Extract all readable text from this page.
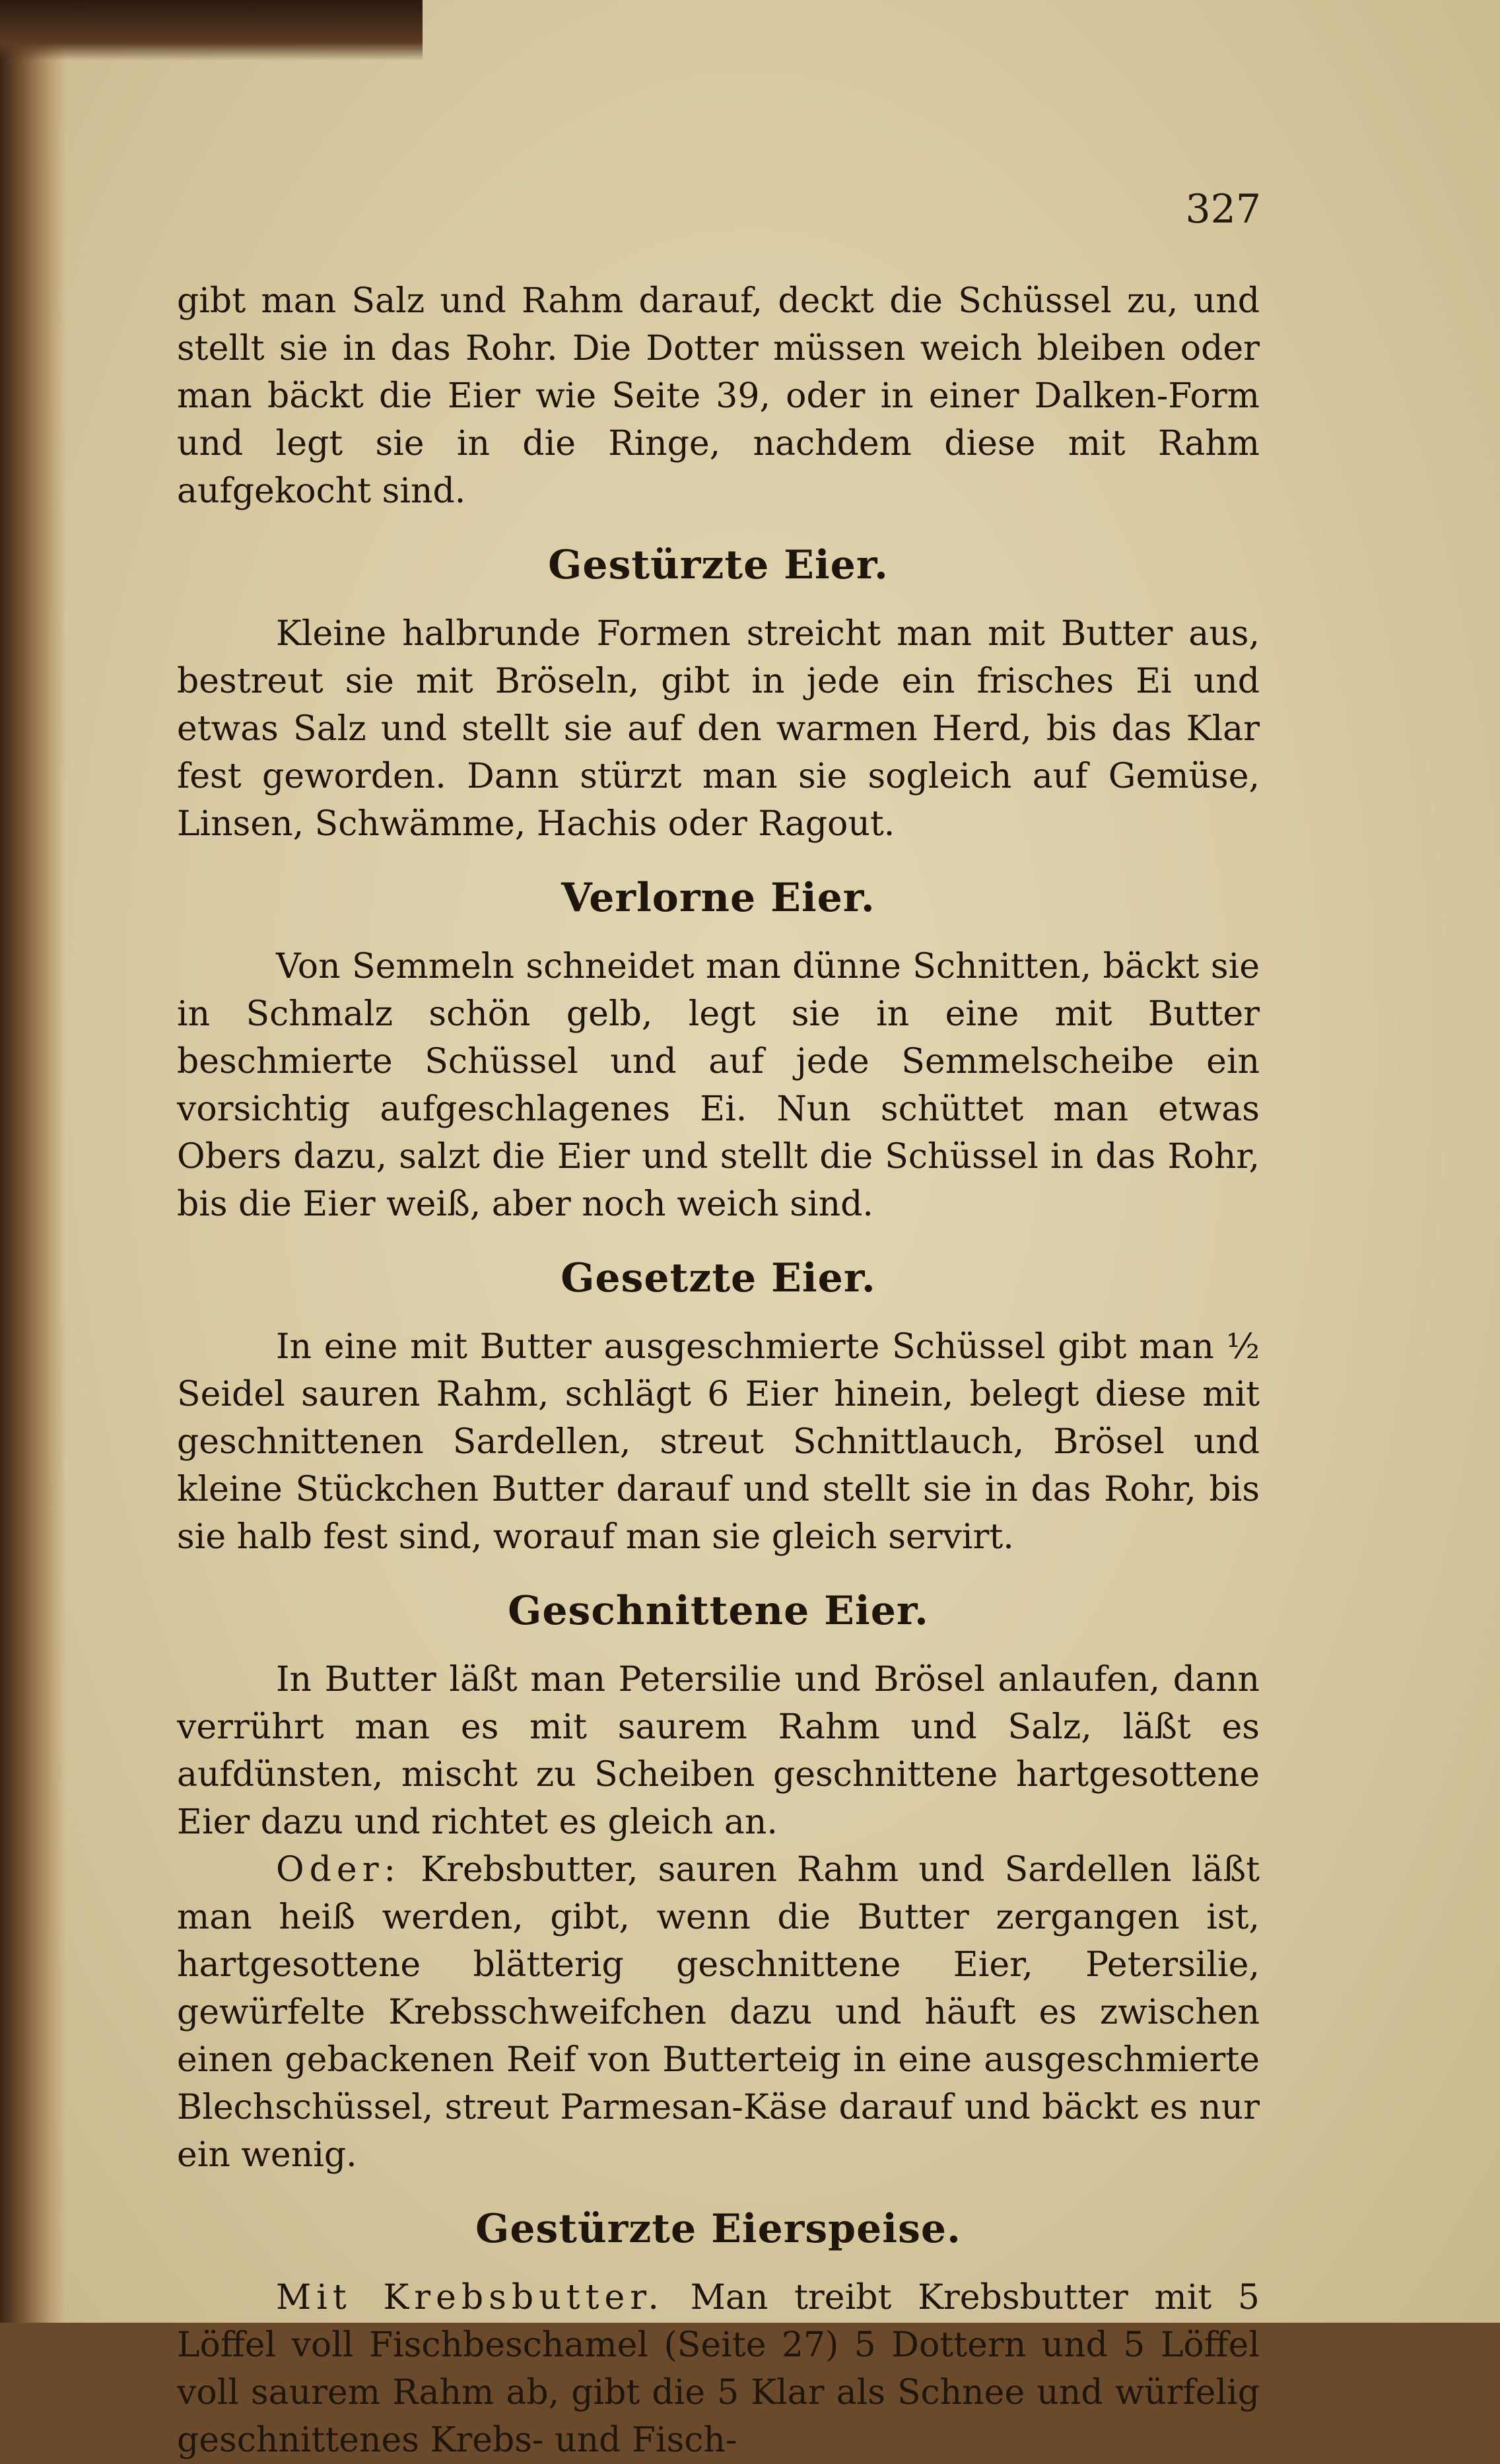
327

gibt man Salz und Rahm darauf, deckt die Schüssel zu, und stellt sie in das Rohr. Die Dotter müssen weich bleiben oder man bäckt die Eier wie Seite 39, oder in einer Dalken-Form und legt sie in die Ringe, nachdem diese mit Rahm aufgekocht sind.

Gestürzte Eier.

Kleine halbrunde Formen streicht man mit Butter aus, bestreut sie mit Bröseln, gibt in jede ein frisches Ei und etwas Salz und stellt sie auf den warmen Herd, bis das Klar fest geworden. Dann stürzt man sie sogleich auf Gemüse, Linsen, Schwämme, Hachis oder Ragout.

Verlorne Eier.

Von Semmeln schneidet man dünne Schnitten, bäckt sie in Schmalz schön gelb, legt sie in eine mit Butter beschmierte Schüssel und auf jede Semmelscheibe ein vorsichtig aufgeschlagenes Ei. Nun schüttet man etwas Obers dazu, salzt die Eier und stellt die Schüssel in das Rohr, bis die Eier weiß, aber noch weich sind.

Gesetzte Eier.

In eine mit Butter ausgeschmierte Schüssel gibt man ½ Seidel sauren Rahm, schlägt 6 Eier hinein, belegt diese mit geschnittenen Sardellen, streut Schnittlauch, Brösel und kleine Stückchen Butter darauf und stellt sie in das Rohr, bis sie halb fest sind, worauf man sie gleich servirt.

Geschnittene Eier.

In Butter läßt man Petersilie und Brösel anlaufen, dann verrührt man es mit saurem Rahm und Salz, läßt es aufdünsten, mischt zu Scheiben geschnittene hartgesottene Eier dazu und richtet es gleich an.

Oder: Krebsbutter, sauren Rahm und Sardellen läßt man heiß werden, gibt, wenn die Butter zergangen ist, hartgesottene blätterig geschnittene Eier, Petersilie, gewürfelte Krebsschweifchen dazu und häuft es zwischen einen gebackenen Reif von Butterteig in eine ausgeschmierte Blechschüssel, streut Parmesan-Käse darauf und bäckt es nur ein wenig.

Gestürzte Eierspeise.

Mit Krebsbutter. Man treibt Krebsbutter mit 5 Löffel voll Fischbeschamel (Seite 27) 5 Dottern und 5 Löffel voll saurem Rahm ab, gibt die 5 Klar als Schnee und würfelig geschnittenes Krebs- und Fisch-
